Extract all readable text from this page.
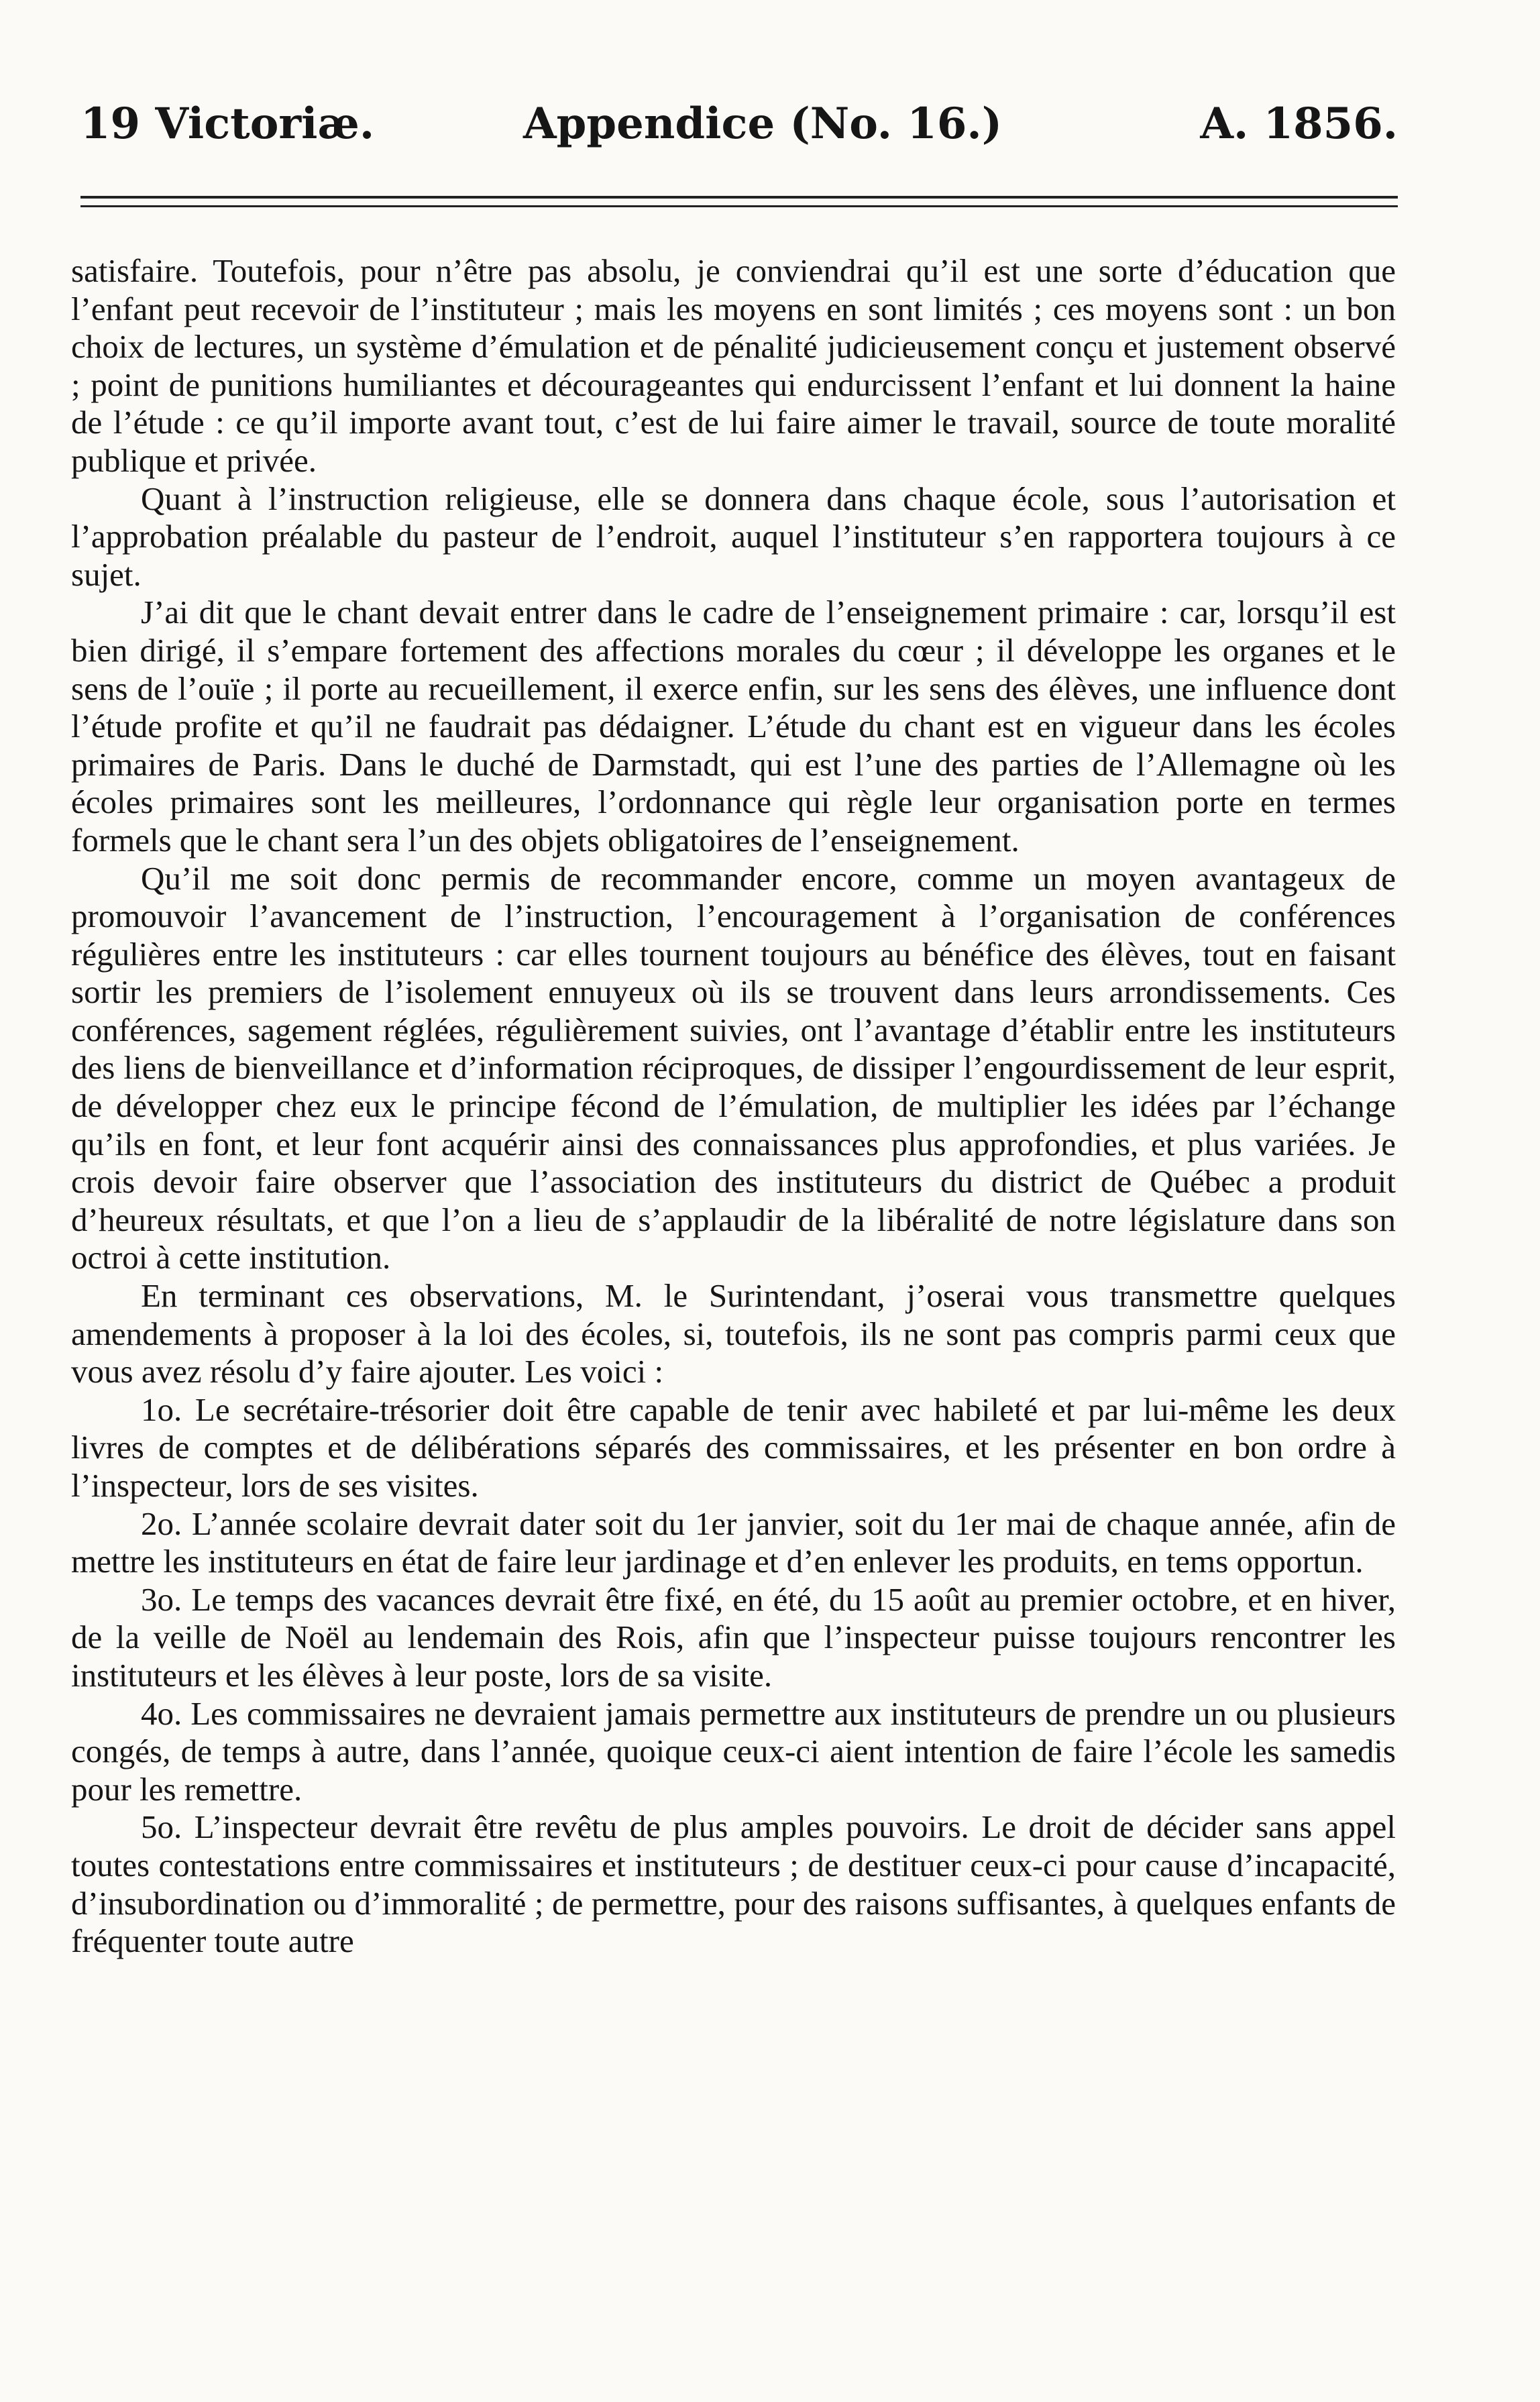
19 Victoriæ.	Appendice (No. 16.)	A. 1856.

satisfaire. Toutefois, pour n’être pas absolu, je conviendrai qu’il est une sorte d’éducation que l’enfant peut recevoir de l’instituteur ; mais les moyens en sont limités ; ces moyens sont : un bon choix de lectures, un système d’émulation et de pénalité judicieusement conçu et justement observé ; point de punitions humiliantes et décourageantes qui endurcissent l’enfant et lui donnent la haine de l’étude : ce qu’il importe avant tout, c’est de lui faire aimer le travail, source de toute moralité publique et privée.

Quant à l’instruction religieuse, elle se donnera dans chaque école, sous l’autorisation et l’approbation préalable du pasteur de l’endroit, auquel l’instituteur s’en rapportera toujours à ce sujet.

J’ai dit que le chant devait entrer dans le cadre de l’enseignement primaire : car, lorsqu’il est bien dirigé, il s’empare fortement des affections morales du cœur ; il développe les organes et le sens de l’ouïe ; il porte au recueillement, il exerce enfin, sur les sens des élèves, une influence dont l’étude profite et qu’il ne faudrait pas dédaigner. L’étude du chant est en vigueur dans les écoles primaires de Paris. Dans le duché de Darmstadt, qui est l’une des parties de l’Allemagne où les écoles primaires sont les meilleures, l’ordonnance qui règle leur organisation porte en termes formels que le chant sera l’un des objets obligatoires de l’enseignement.

Qu’il me soit donc permis de recommander encore, comme un moyen avantageux de promouvoir l’avancement de l’instruction, l’encouragement à l’organisation de conférences régulières entre les instituteurs : car elles tournent toujours au bénéfice des élèves, tout en faisant sortir les premiers de l’isolement ennuyeux où ils se trouvent dans leurs arrondissements. Ces conférences, sagement réglées, régulièrement suivies, ont l’avantage d’établir entre les instituteurs des liens de bienveillance et d’information réciproques, de dissiper l’engourdissement de leur esprit, de développer chez eux le principe fécond de l’émulation, de multiplier les idées par l’échange qu’ils en font, et leur font acquérir ainsi des connaissances plus approfondies, et plus variées. Je crois devoir faire observer que l’association des instituteurs du district de Québec a produit d’heureux résultats, et que l’on a lieu de s’applaudir de la libéralité de notre législature dans son octroi à cette institution.

En terminant ces observations, M. le Surintendant, j’oserai vous transmettre quelques amendements à proposer à la loi des écoles, si, toutefois, ils ne sont pas compris parmi ceux que vous avez résolu d’y faire ajouter. Les voici :

1o. Le secrétaire-trésorier doit être capable de tenir avec habileté et par lui-même les deux livres de comptes et de délibérations séparés des commissaires, et les présenter en bon ordre à l’inspecteur, lors de ses visites.

2o. L’année scolaire devrait dater soit du 1er janvier, soit du 1er mai de chaque année, afin de mettre les instituteurs en état de faire leur jardinage et d’en enlever les produits, en tems opportun.

3o. Le temps des vacances devrait être fixé, en été, du 15 août au premier octobre, et en hiver, de la veille de Noël au lendemain des Rois, afin que l’inspecteur puisse toujours rencontrer les instituteurs et les élèves à leur poste, lors de sa visite.

4o. Les commissaires ne devraient jamais permettre aux instituteurs de prendre un ou plusieurs congés, de temps à autre, dans l’année, quoique ceux-ci aient intention de faire l’école les samedis pour les remettre.

5o. L’inspecteur devrait être revêtu de plus amples pouvoirs. Le droit de décider sans appel toutes contestations entre commissaires et instituteurs ; de destituer ceux-ci pour cause d’incapacité, d’insubordination ou d’immoralité ; de permettre, pour des raisons suffisantes, à quelques enfants de fréquenter toute autre
